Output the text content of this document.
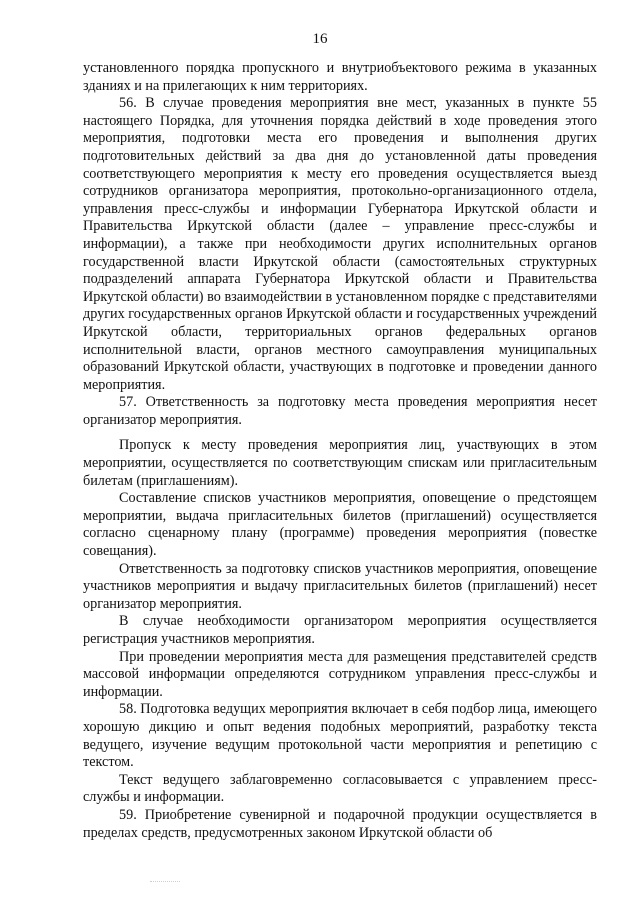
16

установленного порядка пропускного и внутриобъектового режима в указанных зданиях и на прилегающих к ним территориях.

56. В случае проведения мероприятия вне мест, указанных в пункте 55 настоящего Порядка, для уточнения порядка действий в ходе проведения этого мероприятия, подготовки места его проведения и выполнения других подготовительных действий за два дня до установленной даты проведения соответствующего мероприятия к месту его проведения осуществляется выезд сотрудников организатора мероприятия, протокольно-организационного отдела, управления пресс-службы и информации Губернатора Иркутской области и Правительства Иркутской области (далее – управление пресс-службы и информации), а также при необходимости других исполнительных органов государственной власти Иркутской области (самостоятельных структурных подразделений аппарата Губернатора Иркутской области и Правительства Иркутской области) во взаимодействии в установленном порядке с представителями других государственных органов Иркутской области и государственных учреждений Иркутской области, территориальных органов федеральных органов исполнительной власти, органов местного самоуправления муниципальных образований Иркутской области, участвующих в подготовке и проведении данного мероприятия.

57. Ответственность за подготовку места проведения мероприятия несет организатор мероприятия.

Пропуск к месту проведения мероприятия лиц, участвующих в этом мероприятии, осуществляется по соответствующим спискам или пригласительным билетам (приглашениям).

Составление списков участников мероприятия, оповещение о предстоящем мероприятии, выдача пригласительных билетов (приглашений) осуществляется согласно сценарному плану (программе) проведения мероприятия (повестке совещания).

Ответственность за подготовку списков участников мероприятия, оповещение участников мероприятия и выдачу пригласительных билетов (приглашений) несет организатор мероприятия.

В случае необходимости организатором мероприятия осуществляется регистрация участников мероприятия.

При проведении мероприятия места для размещения представителей средств массовой информации определяются сотрудником управления пресс-службы и информации.

58. Подготовка ведущих мероприятия включает в себя подбор лица, имеющего хорошую дикцию и опыт ведения подобных мероприятий, разработку текста ведущего, изучение ведущим протокольной части мероприятия и репетицию с текстом.

Текст ведущего заблаговременно согласовывается с управлением пресс-службы и информации.

59. Приобретение сувенирной и подарочной продукции осуществляется в пределах средств, предусмотренных законом Иркутской области об
